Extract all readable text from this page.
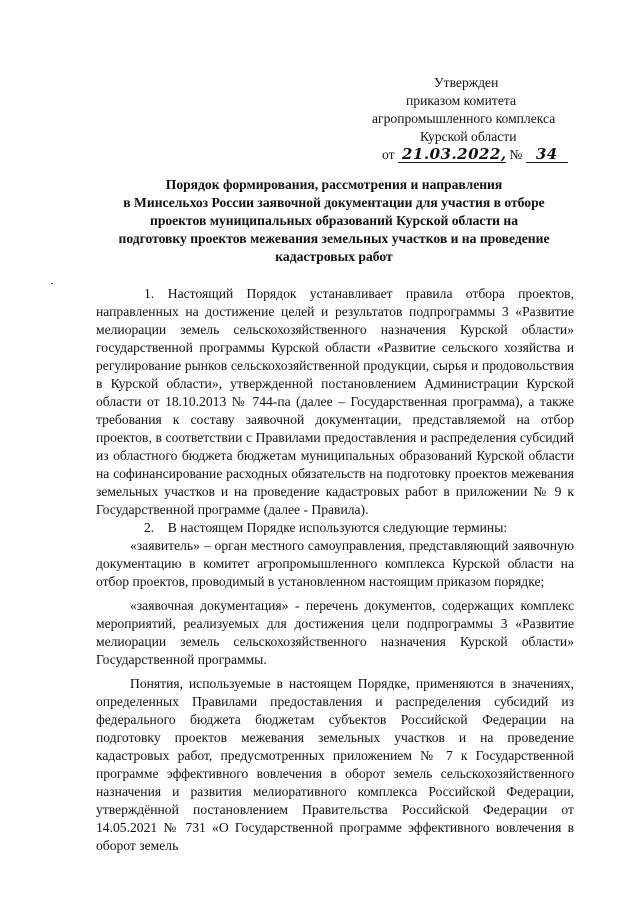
Утвержден
приказом комитета
агропромышленного комплекса
Курской области
от 21.03.2022, № 34
Порядок формирования, рассмотрения и направления
в Минсельхоз России заявочной документации для участия в отборе
проектов муниципальных образований Курской области на
подготовку проектов межевания земельных участков и на проведение
кадастровых работ

1. Настоящий Порядок устанавливает правила отбора проектов, направленных на достижение целей и результатов подпрограммы 3 «Развитие мелиорации земель сельскохозяйственного назначения Курской области» государственной программы Курской области «Развитие сельского хозяйства и регулирование рынков сельскохозяйственной продукции, сырья и продовольствия в Курской области», утвержденной постановлением Администрации Курской области от 18.10.2013 № 744-па (далее – Государственная программа), а также требования к составу заявочной документации, представляемой на отбор проектов, в соответствии с Правилами предоставления и распределения субсидий из областного бюджета бюджетам муниципальных образований Курской области на софинансирование расходных обязательств на подготовку проектов межевания земельных участков и на проведение кадастровых работ в приложении № 9 к Государственной программе (далее - Правила).

2. В настоящем Порядке используются следующие термины:

«заявитель» – орган местного самоуправления, представляющий заявочную документацию в комитет агропромышленного комплекса Курской области на отбор проектов, проводимый в установленном настоящим приказом порядке;

«заявочная документация» - перечень документов, содержащих комплекс мероприятий, реализуемых для достижения цели подпрограммы 3 «Развитие мелиорации земель сельскохозяйственного назначения Курской области» Государственной программы.

Понятия, используемые в настоящем Порядке, применяются в значениях, определенных Правилами предоставления и распределения субсидий из федерального бюджета бюджетам субъектов Российской Федерации на подготовку проектов межевания земельных участков и на проведение кадастровых работ, предусмотренных приложением № 7 к Государственной программе эффективного вовлечения в оборот земель сельскохозяйственного назначения и развития мелиоративного комплекса Российской Федерации, утверждённой постановлением Правительства Российской Федерации от 14.05.2021 № 731 «О Государственной программе эффективного вовлечения в оборот земель
